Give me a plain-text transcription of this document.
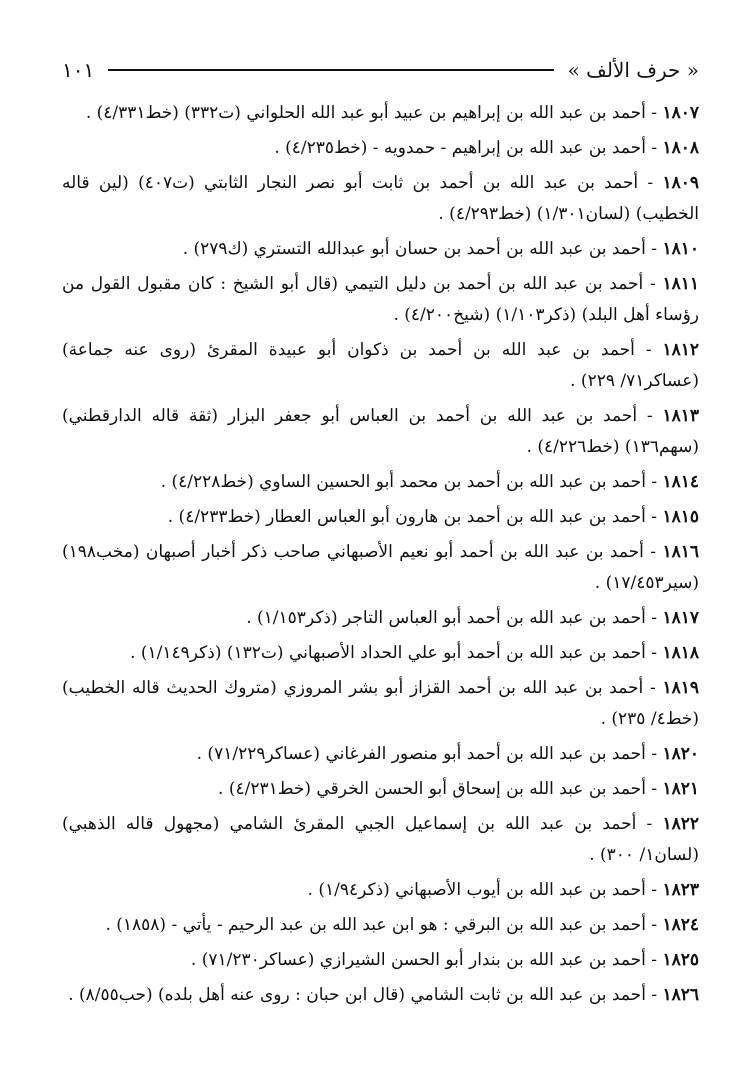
« حرف الألف »
١٠١

١٨٠٧ - أحمد بن عبد الله بن إبراهيم بن عبيد أبو عبد الله الحلواني (ت٣٣٢) (خط٤/٣٣١) .

١٨٠٨ - أحمد بن عبد الله بن إبراهيم - حمدويه - (خط٤/٢٣٥) .

١٨٠٩ - أحمد بن عبد الله بن أحمد بن ثابت أبو نصر النجار الثابتي (ت٤٠٧) (لين قاله الخطيب) (لسان١/٣٠١) (خط٤/٢٩٣) .

١٨١٠ - أحمد بن عبد الله بن أحمد بن حسان أبو عبدالله التستري (ك٢٧٩) .

١٨١١ - أحمد بن عبد الله بن أحمد بن دليل التيمي (قال أبو الشيخ : كان مقبول القول من رؤساء أهل البلد) (ذكر١/١٠٣) (شيخ٤/٢٠٠) .

١٨١٢ - أحمد بن عبد الله بن أحمد بن ذكوان أبو عبيدة المقرئ (روى عنه جماعة) (عساكر٧١/ ٢٢٩) .

١٨١٣ - أحمد بن عبد الله بن أحمد بن العباس أبو جعفر البزار (ثقة قاله الدارقطني) (سهم١٣٦) (خط٤/٢٢٦) .

١٨١٤ - أحمد بن عبد الله بن أحمد بن محمد أبو الحسين الساوي (خط٤/٢٢٨) .

١٨١٥ - أحمد بن عبد الله بن أحمد بن هارون أبو العباس العطار (خط٤/٢٣٣) .

١٨١٦ - أحمد بن عبد الله بن أحمد أبو نعيم الأصبهاني صاحب ذكر أخبار أصبهان (مخب١٩٨) (سير١٧/٤٥٣) .

١٨١٧ - أحمد بن عبد الله بن أحمد أبو العباس التاجر (ذكر١/١٥٣) .

١٨١٨ - أحمد بن عبد الله بن أحمد أبو علي الحداد الأصبهاني (ت١٣٢) (ذكر١/١٤٩) .

١٨١٩ - أحمد بن عبد الله بن أحمد القزاز أبو بشر المروزي (متروك الحديث قاله الخطيب) (خط٤/ ٢٣٥) .

١٨٢٠ - أحمد بن عبد الله بن أحمد أبو منصور الفرغاني (عساكر٧١/٢٢٩) .

١٨٢١ - أحمد بن عبد الله بن إسحاق أبو الحسن الخرقي (خط٤/٢٣١) .

١٨٢٢ - أحمد بن عبد الله بن إسماعيل الجبي المقرئ الشامي (مجهول قاله الذهبي) (لسان١/ ٣٠٠) .

١٨٢٣ - أحمد بن عبد الله بن أيوب الأصبهاني (ذكر١/٩٤) .

١٨٢٤ - أحمد بن عبد الله بن البرقي : هو ابن عبد الله بن عبد الرحيم - يأتي - (١٨٥٨) .

١٨٢٥ - أحمد بن عبد الله بن بندار أبو الحسن الشيرازي (عساكر٧١/٢٣٠) .

١٨٢٦ - أحمد بن عبد الله بن ثابت الشامي (قال ابن حبان : روى عنه أهل بلده) (حب٨/٥٥) .
